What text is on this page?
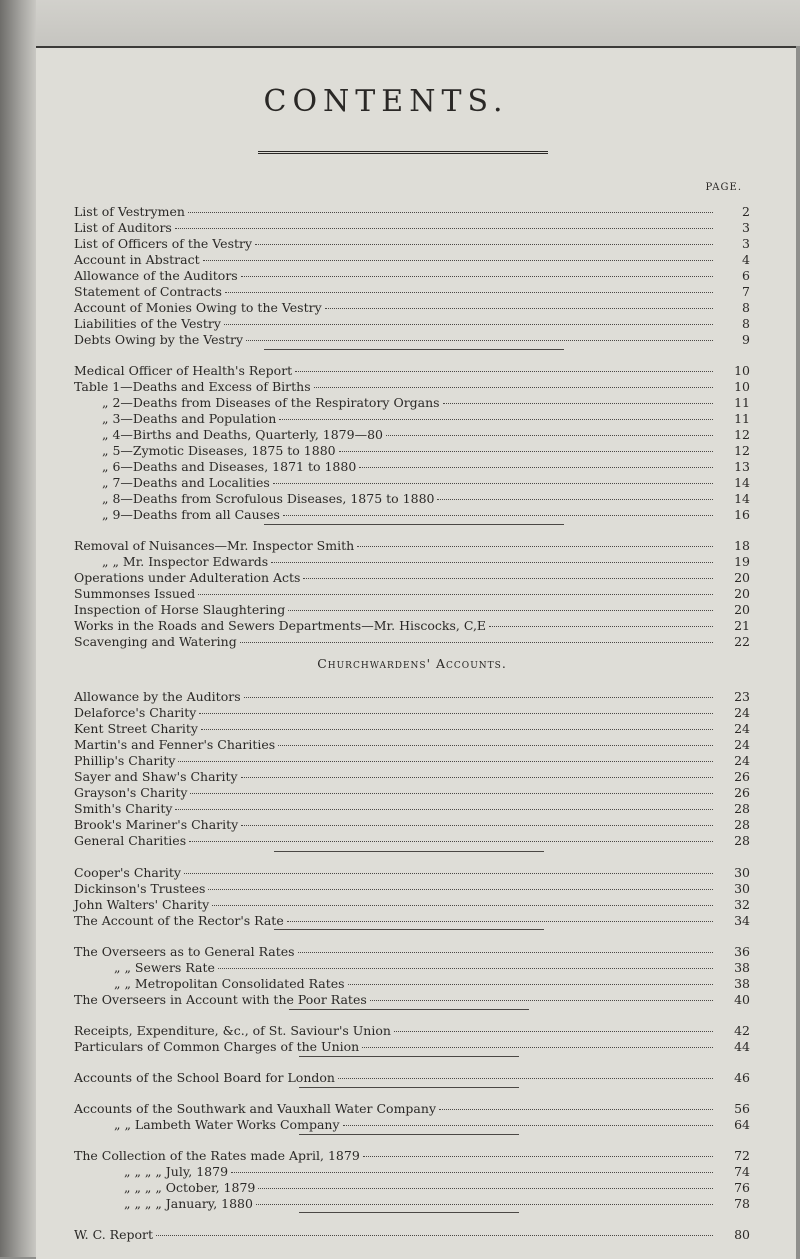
CONTENTS.
PAGE.
Churchwardens' Accounts.
List of Vestrymen	2
List of Auditors	3
List of Officers of the Vestry	3
Account in Abstract	4
Allowance of the Auditors	6
Statement of Contracts	7
Account of Monies Owing to the Vestry	8
Liabilities of the Vestry	8
Debts Owing by the Vestry	9
Medical Officer of Health's Report	10
Table 1—Deaths and Excess of Births	10
„ 2—Deaths from Diseases of the Respiratory Organs	11
„ 3—Deaths and Population	11
„ 4—Births and Deaths, Quarterly, 1879—80	12
„ 5—Zymotic Diseases, 1875 to 1880	12
„ 6—Deaths and Diseases, 1871 to 1880	13
„ 7—Deaths and Localities	14
„ 8—Deaths from Scrofulous Diseases, 1875 to 1880	14
„ 9—Deaths from all Causes	16
Removal of Nuisances—Mr. Inspector Smith	18
„ „ Mr. Inspector Edwards	19
Operations under Adulteration Acts	20
Summonses Issued	20
Inspection of Horse Slaughtering	20
Works in the Roads and Sewers Departments—Mr. Hiscocks, C,E	21
Scavenging and Watering	22
Allowance by the Auditors	23
Delaforce's Charity	24
Kent Street Charity	24
Martin's and Fenner's Charities	24
Phillip's Charity	24
Sayer and Shaw's Charity	26
Grayson's Charity	26
Smith's Charity	28
Brook's Mariner's Charity	28
General Charities	28
Cooper's Charity	30
Dickinson's Trustees	30
John Walters' Charity	32
The Account of the Rector's Rate	34
The Overseers as to General Rates	36
„ „ Sewers Rate	38
„ „ Metropolitan Consolidated Rates	38
The Overseers in Account with the Poor Rates	40
Receipts, Expenditure, &c., of St. Saviour's Union	42
Particulars of Common Charges of the Union	44
Accounts of the School Board for London	46
Accounts of the Southwark and Vauxhall Water Company	56
„ „ Lambeth Water Works Company	64
The Collection of the Rates made April, 1879	72
„ „ „ „ July, 1879	74
„ „ „ „ October, 1879	76
„ „ „ „ January, 1880	78
W. C. Report	80
